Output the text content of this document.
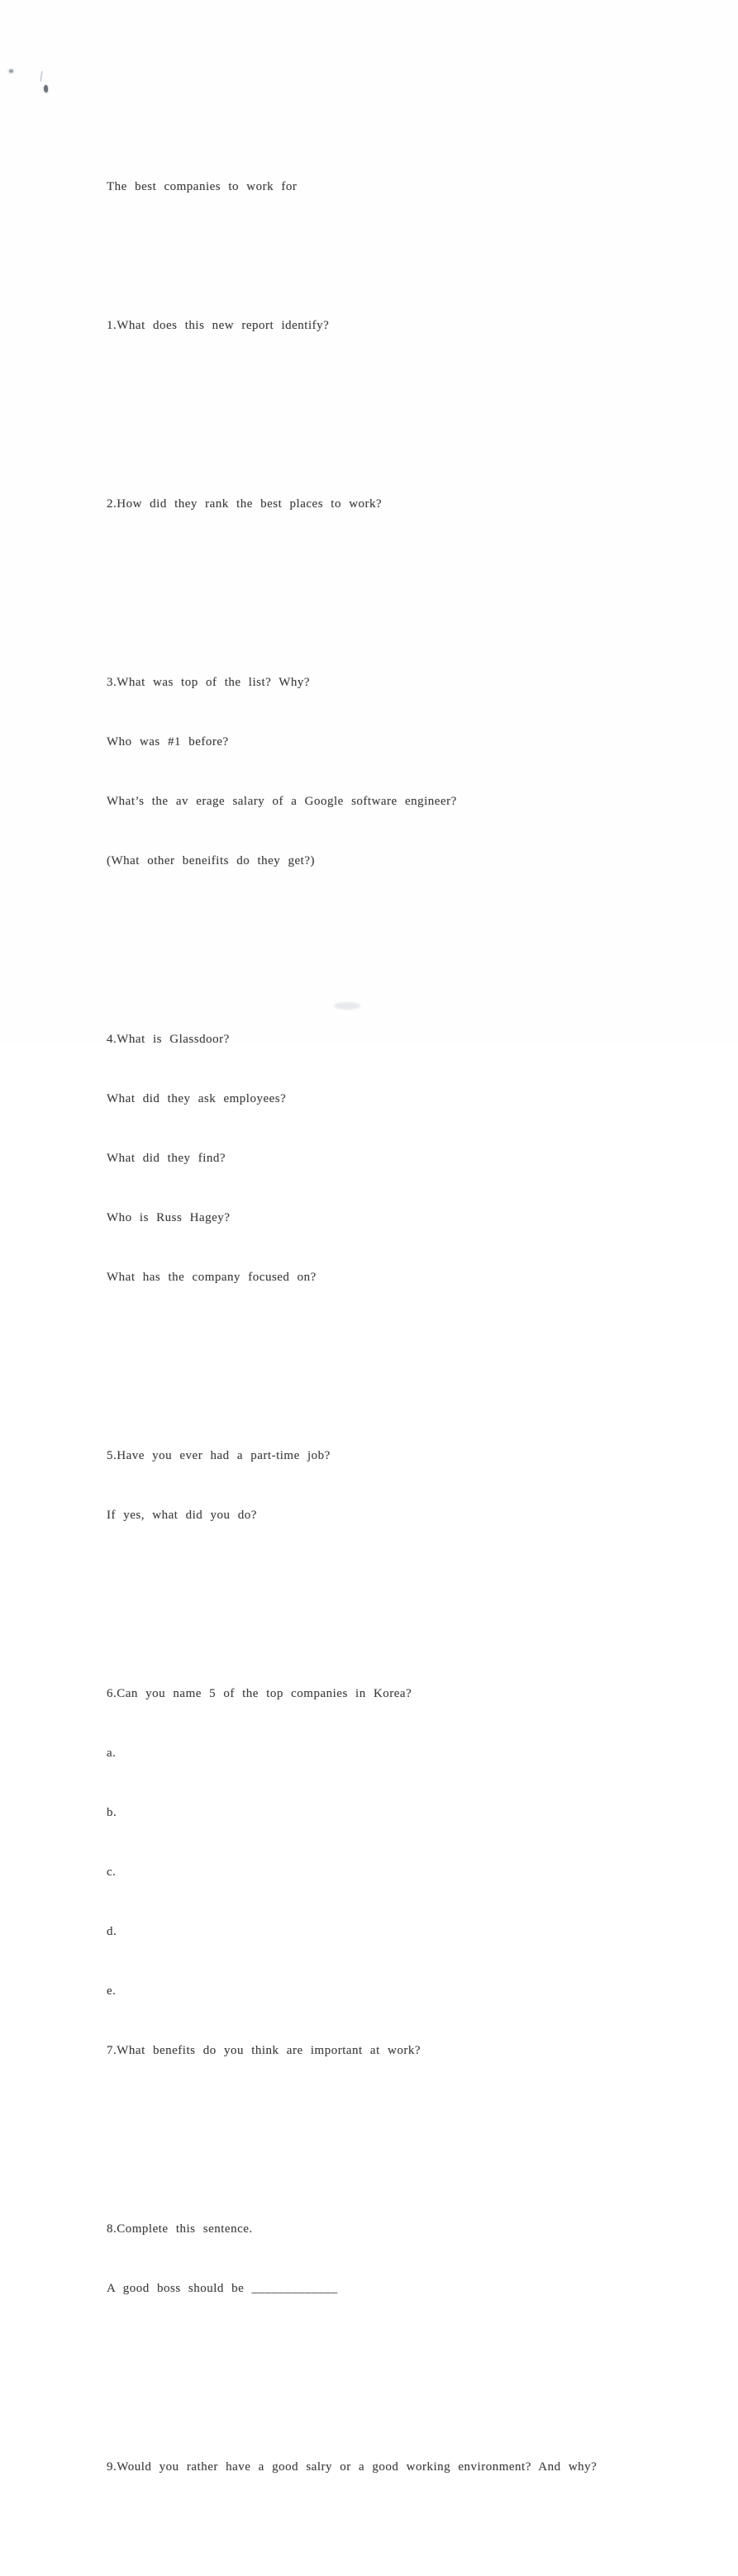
The best companies to work for

1.What does this new report identify?

2.How did they rank the best places to work?

3.What was top of the list? Why?

Who was #1 before?

What’s the av erage salary of a Google software engineer?

(What other beneifits do they get?)

4.What is Glassdoor?

What did they ask employees?

What did they find?

Who is Russ Hagey?

What has the company focused on?

5.Have you ever had a part-time job?

If yes, what did you do?

6.Can you name 5 of the top companies in Korea?

a.

b.

c.

d.

e.

7.What benefits do you think are important at work?

8.Complete this sentence.

A good boss should be _____________

9.Would you rather have a good salry or a good working environment? And why?
